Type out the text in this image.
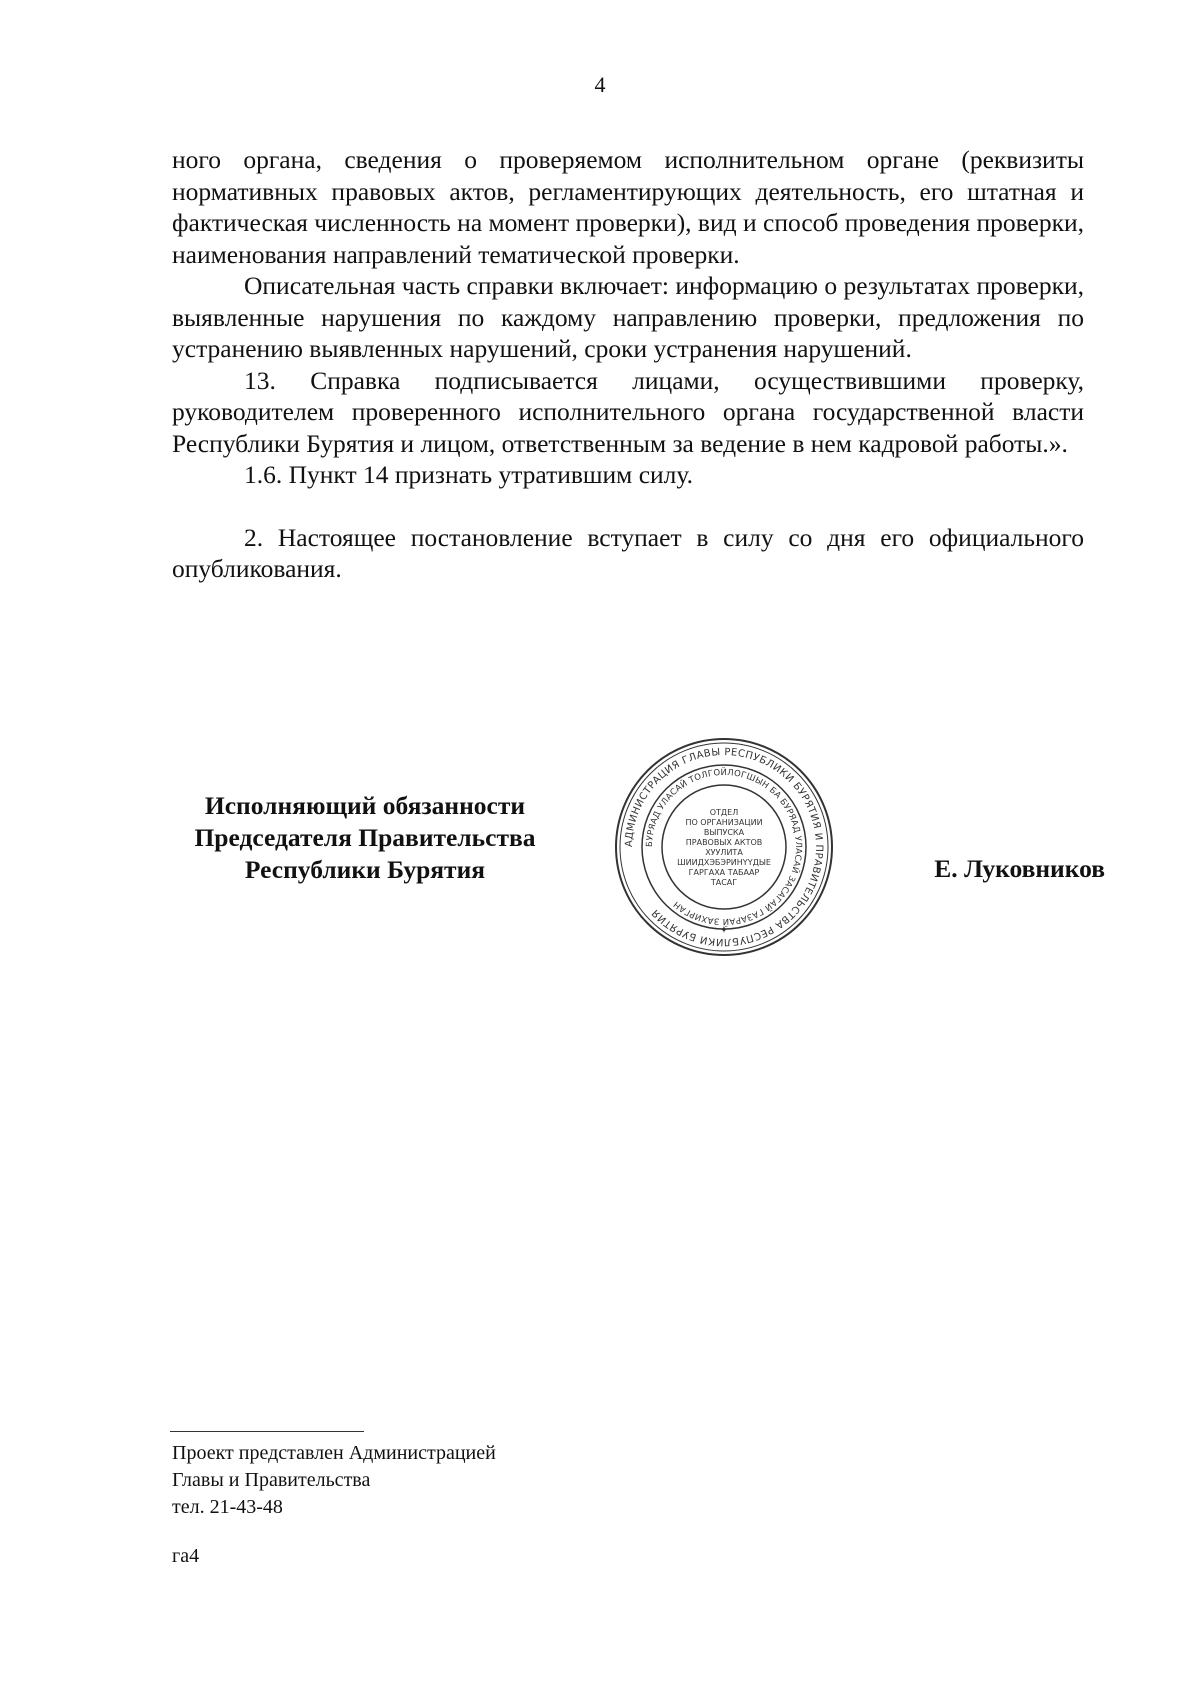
4

ного органа, сведения о проверяемом исполнительном органе (реквизиты нормативных правовых актов, регламентирующих деятельность, его штатная и фактическая численность на момент проверки), вид и способ проведения проверки, наименования направлений тематической проверки.

Описательная часть справки включает: информацию о результатах проверки, выявленные нарушения по каждому направлению проверки, предложения по устранению выявленных нарушений, сроки устранения нарушений.

13. Справка подписывается лицами, осуществившими проверку, руководителем проверенного исполнительного органа государственной власти Республики Бурятия и лицом, ответственным за ведение в нем кадровой работы.».

1.6. Пункт 14 признать утратившим силу.

2. Настоящее постановление вступает в силу со дня его официального опубликования.

Исполняющий обязанности
Председателя Правительства
Республики Бурятия
АДМИНИСТРАЦИЯ ГЛАВЫ РЕСПУБЛИКИ БУРЯТИЯ И ПРАВИТЕЛЬСТВА РЕСПУБЛИКИ БУРЯТИЯ
БУРЯАД УЛАСАЙ ТОЛГОЙЛОГШЫН БА БУРЯАД УЛАСАЙ ЗАСАГАЙ ГАЗАРАЙ ЗАХИРГАН
ОТДЕЛ
ПО ОРГАНИЗАЦИИ
ВЫПУСКА
ПРАВОВЫХ АКТОВ
ХУУЛИТА
ШИИДХЭБЭРИНҮҮДЫЕ
ГАРГАХА ТАБААР
ТАСАГ
✦
Е. Луковников
Проект представлен Администрацией
Главы и Правительства
тел. 21-43-48
га4
